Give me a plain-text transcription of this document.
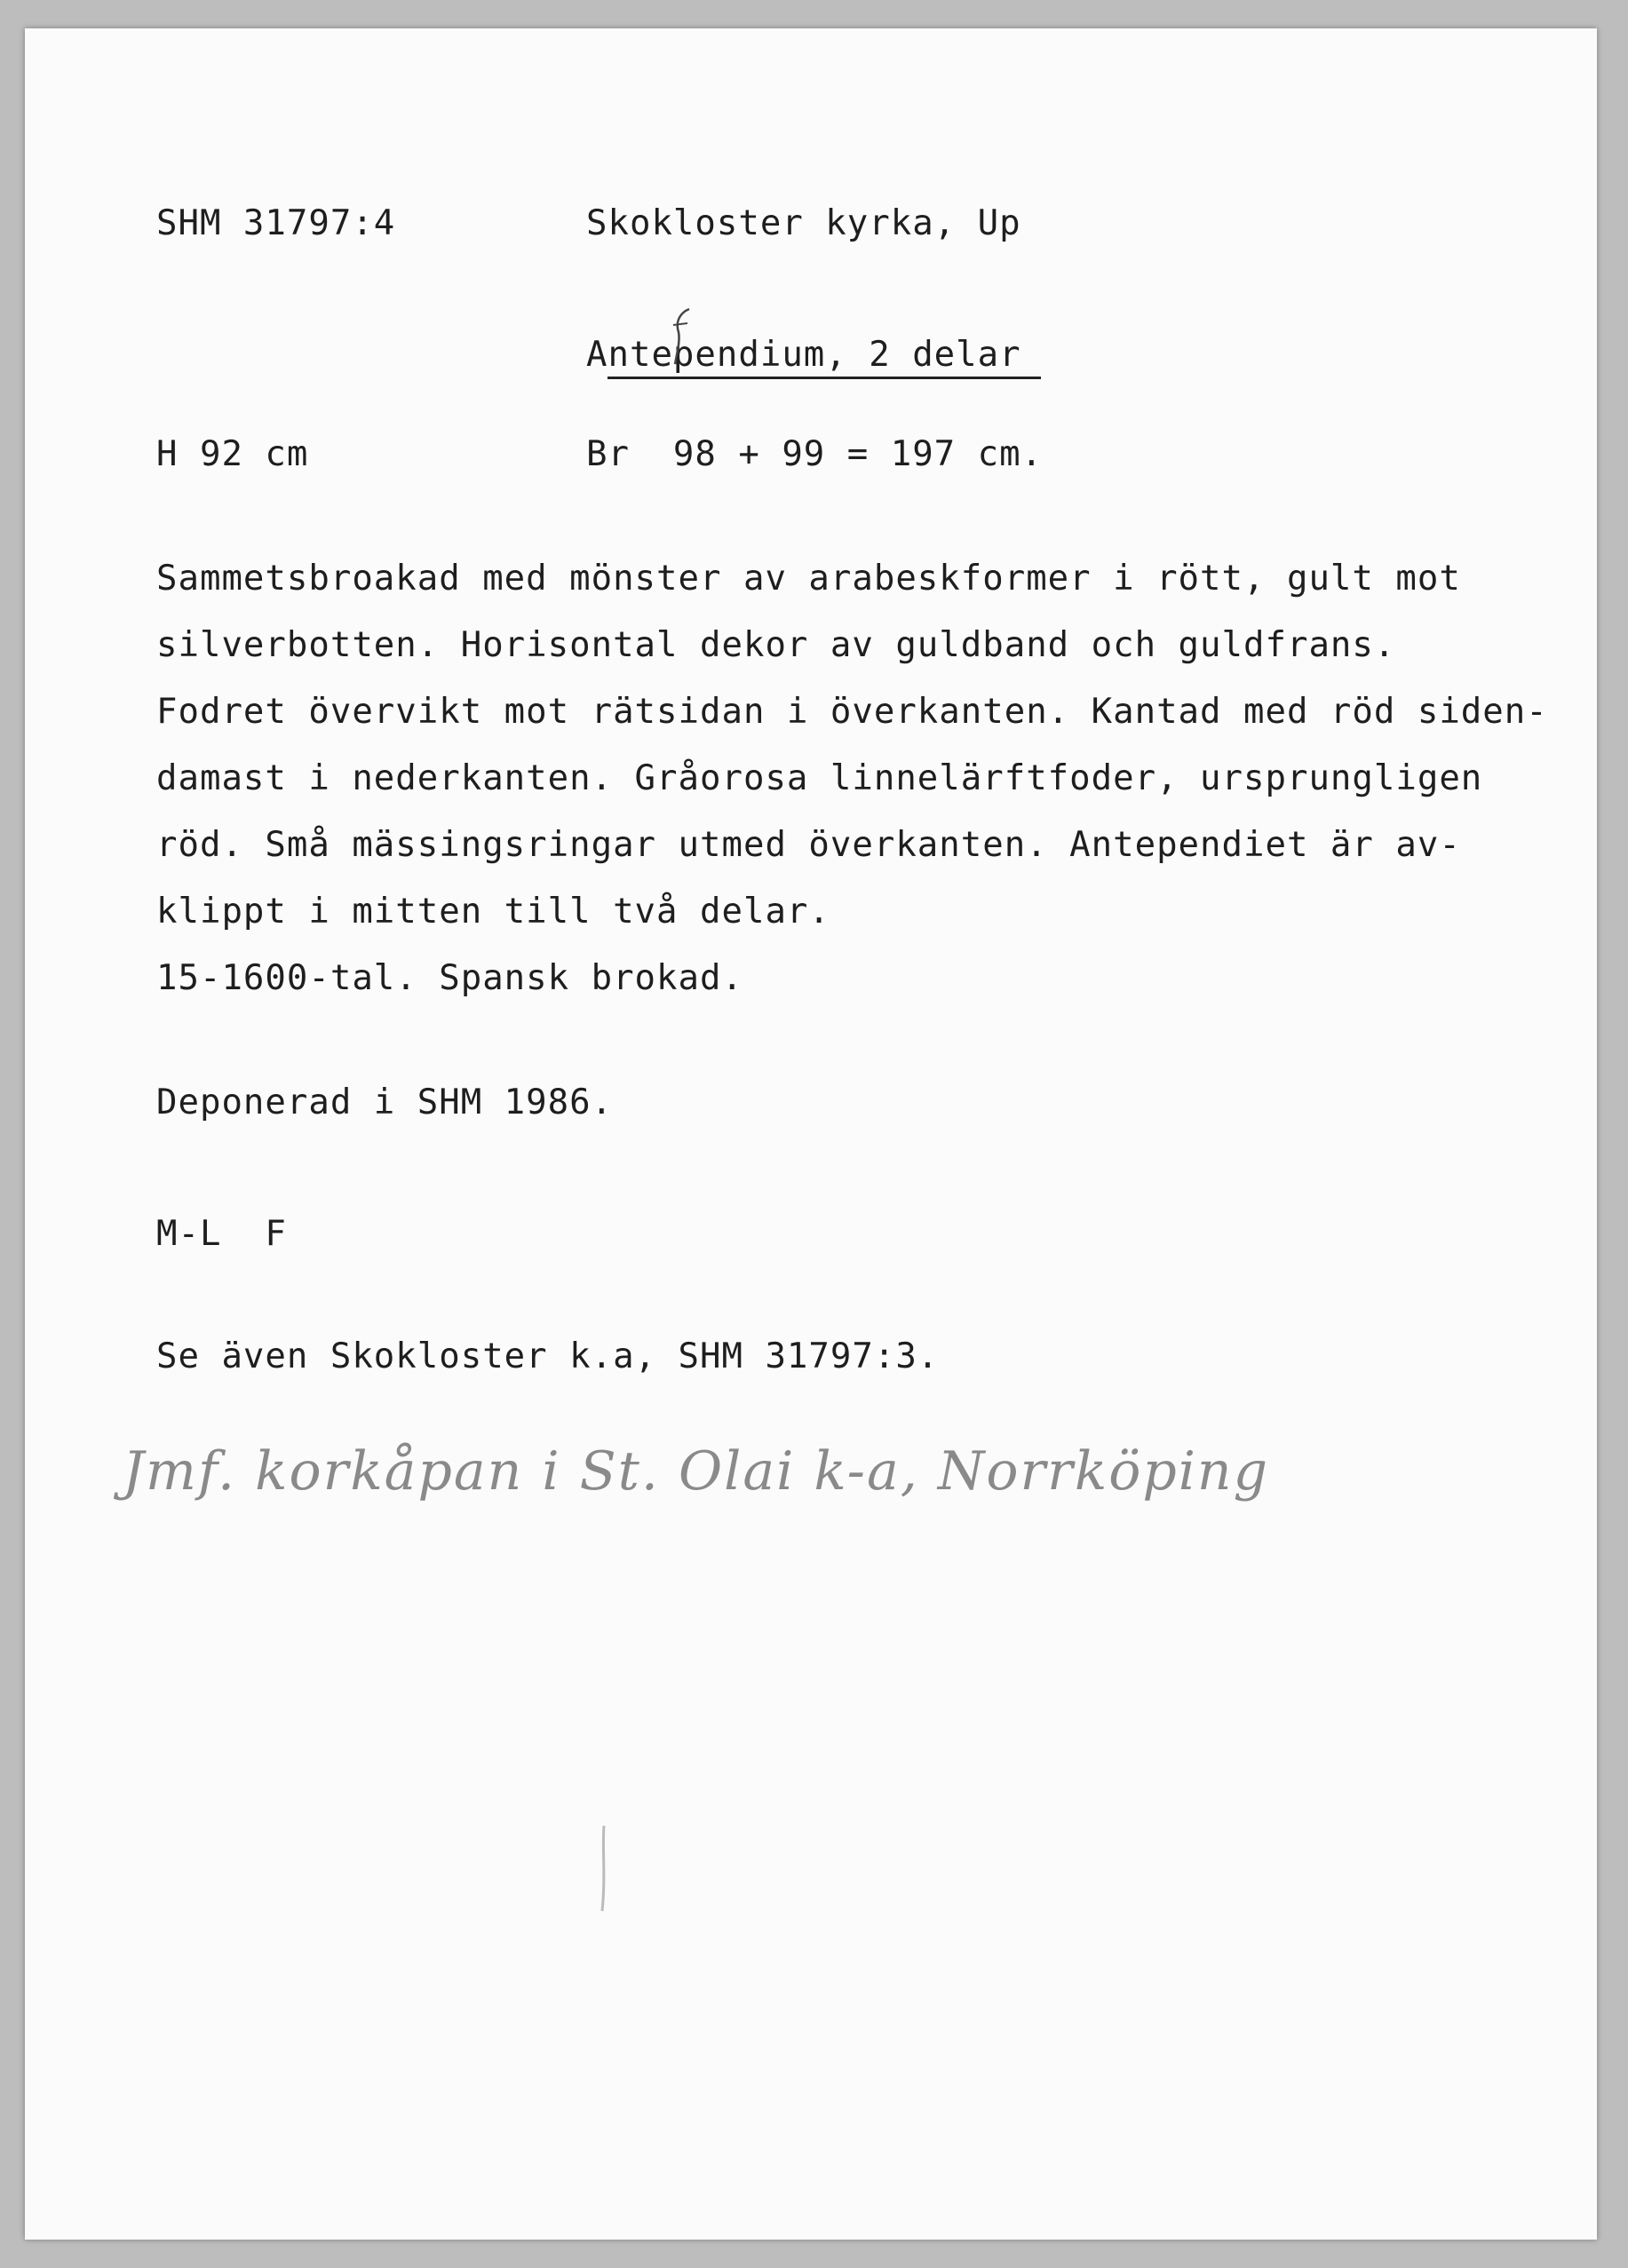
SHM 31797:4	Skokloster kyrka, Up
Antependium, 2 delar
H 92 cm	Br  98 + 99 = 197 cm.
Sammetsbroakad med mönster av arabeskformer i rött, gult mot
silverbotten. Horisontal dekor av guldband och guldfrans.
Fodret övervikt mot rätsidan i överkanten. Kantad med röd siden-
damast i nederkanten. Gråorosa linnelärftfoder, ursprungligen
röd. Små mässingsringar utmed överkanten. Antependiet är av-
klippt i mitten till två delar.
15-1600-tal. Spansk brokad.
Deponerad i SHM 1986.
M-L  F
Se även Skokloster k.a, SHM 31797:3.
Jmf. korkåpan i St. Olai k-a, Norrköping
